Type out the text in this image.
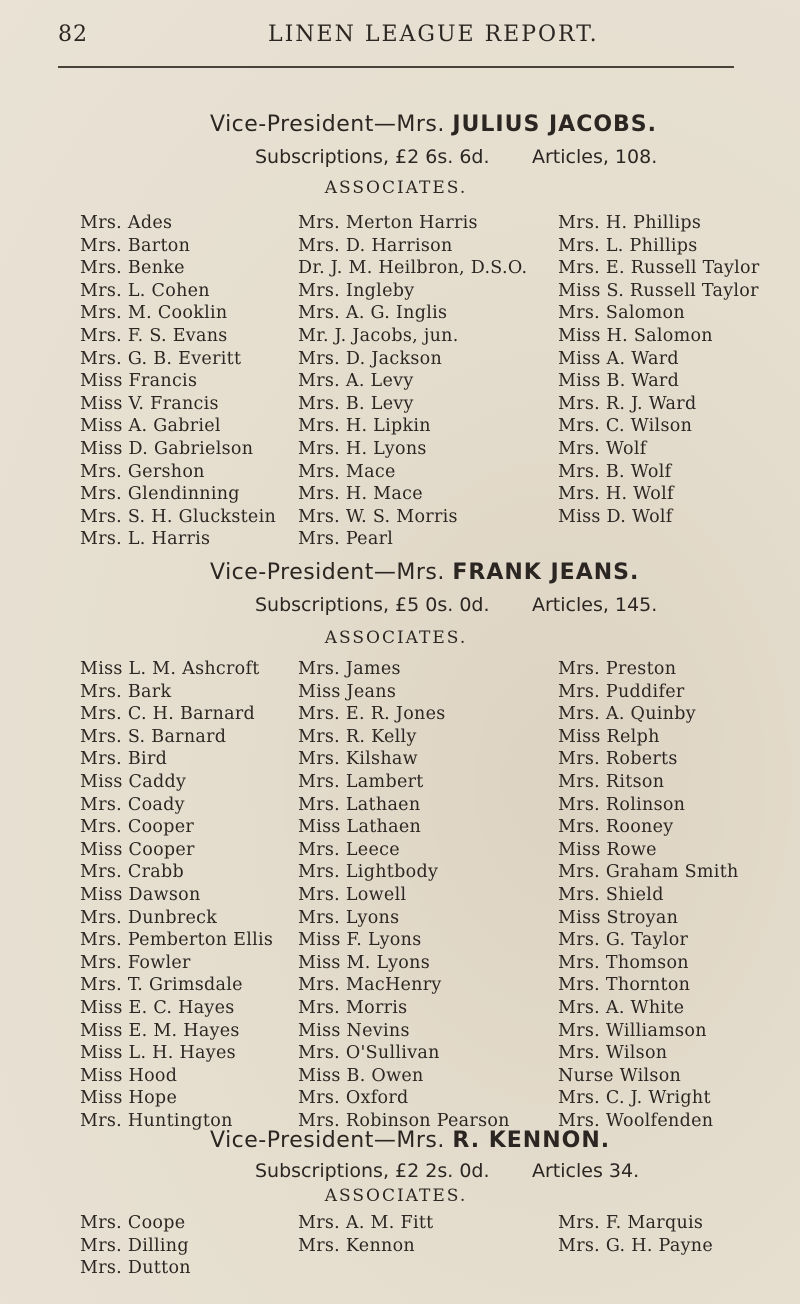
82	LINEN LEAGUE REPORT.
Vice-President—Mrs. JULIUS JACOBS.
Subscriptions, £2 6s. 6d. Articles, 108.
ASSOCIATES.
Mrs. Ades
Mrs. Barton
Mrs. Benke
Mrs. L. Cohen
Mrs. M. Cooklin
Mrs. F. S. Evans
Mrs. G. B. Everitt
Miss Francis
Miss V. Francis
Miss A. Gabriel
Miss D. Gabrielson
Mrs. Gershon
Mrs. Glendinning
Mrs. S. H. Gluckstein
Mrs. L. Harris
Mrs. Merton Harris
Mrs. D. Harrison
Dr. J. M. Heilbron, D.S.O.
Mrs. Ingleby
Mrs. A. G. Inglis
Mr. J. Jacobs, jun.
Mrs. D. Jackson
Mrs. A. Levy
Mrs. B. Levy
Mrs. H. Lipkin
Mrs. H. Lyons
Mrs. Mace
Mrs. H. Mace
Mrs. W. S. Morris
Mrs. Pearl
Mrs. H. Phillips
Mrs. L. Phillips
Mrs. E. Russell Taylor
Miss S. Russell Taylor
Mrs. Salomon
Miss H. Salomon
Miss A. Ward
Miss B. Ward
Mrs. R. J. Ward
Mrs. C. Wilson
Mrs. Wolf
Mrs. B. Wolf
Mrs. H. Wolf
Miss D. Wolf
Vice-President—Mrs. FRANK JEANS.
Subscriptions, £5 0s. 0d. Articles, 145.
ASSOCIATES.
Miss L. M. Ashcroft
Mrs. Bark
Mrs. C. H. Barnard
Mrs. S. Barnard
Mrs. Bird
Miss Caddy
Mrs. Coady
Mrs. Cooper
Miss Cooper
Mrs. Crabb
Miss Dawson
Mrs. Dunbreck
Mrs. Pemberton Ellis
Mrs. Fowler
Mrs. T. Grimsdale
Miss E. C. Hayes
Miss E. M. Hayes
Miss L. H. Hayes
Miss Hood
Miss Hope
Mrs. Huntington
Mrs. James
Miss Jeans
Mrs. E. R. Jones
Mrs. R. Kelly
Mrs. Kilshaw
Mrs. Lambert
Mrs. Lathaen
Miss Lathaen
Mrs. Leece
Mrs. Lightbody
Mrs. Lowell
Mrs. Lyons
Miss F. Lyons
Miss M. Lyons
Mrs. MacHenry
Mrs. Morris
Miss Nevins
Mrs. O'Sullivan
Miss B. Owen
Mrs. Oxford
Mrs. Robinson Pearson
Mrs. Preston
Mrs. Puddifer
Mrs. A. Quinby
Miss Relph
Mrs. Roberts
Mrs. Ritson
Mrs. Rolinson
Mrs. Rooney
Miss Rowe
Mrs. Graham Smith
Mrs. Shield
Miss Stroyan
Mrs. G. Taylor
Mrs. Thomson
Mrs. Thornton
Mrs. A. White
Mrs. Williamson
Mrs. Wilson
Nurse Wilson
Mrs. C. J. Wright
Mrs. Woolfenden
Vice-President—Mrs. R. KENNON.
Subscriptions, £2 2s. 0d. Articles 34.
ASSOCIATES.
Mrs. Coope
Mrs. Dilling
Mrs. Dutton
Mrs. A. M. Fitt
Mrs. Kennon
Mrs. F. Marquis
Mrs. G. H. Payne
